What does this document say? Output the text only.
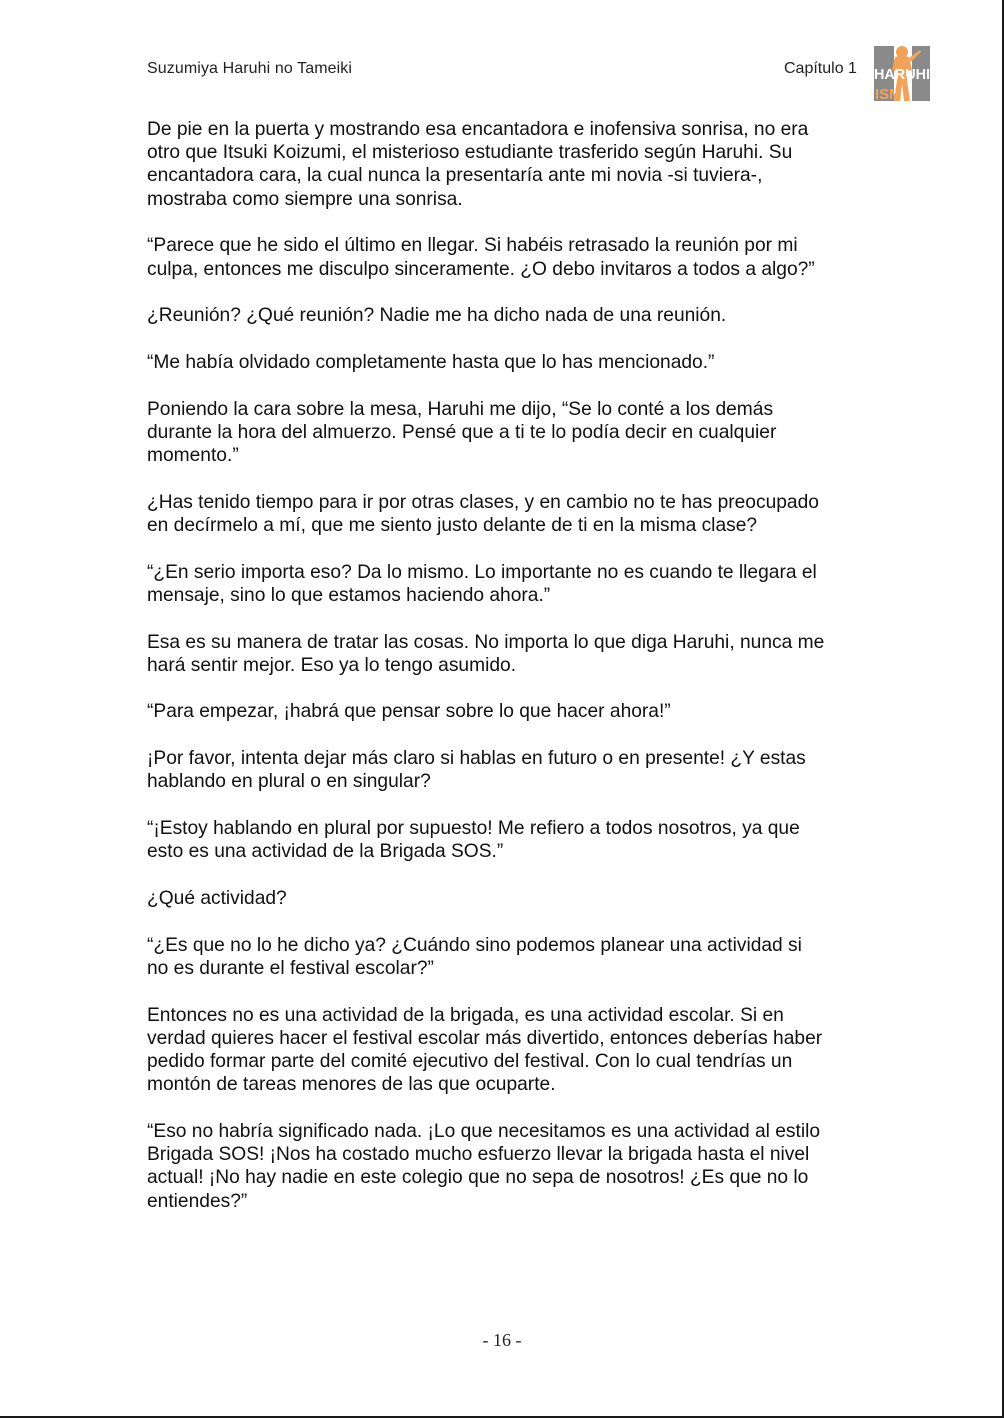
Suzumiya Haruhi no Tameiki	Capítulo 1 HARUHI
ISM

De pie en la puerta y mostrando esa encantadora e inofensiva sonrisa, no era
otro que Itsuki Koizumi, el misterioso estudiante trasferido según Haruhi. Su
encantadora cara, la cual nunca la presentaría ante mi novia -si tuviera-,
mostraba como siempre una sonrisa.

“Parece que he sido el último en llegar. Si habéis retrasado la reunión por mi
culpa, entonces me disculpo sinceramente. ¿O debo invitaros a todos a algo?”

¿Reunión? ¿Qué reunión? Nadie me ha dicho nada de una reunión.

“Me había olvidado completamente hasta que lo has mencionado.”

Poniendo la cara sobre la mesa, Haruhi me dijo, “Se lo conté a los demás
durante la hora del almuerzo. Pensé que a ti te lo podía decir en cualquier
momento.”

¿Has tenido tiempo para ir por otras clases, y en cambio no te has preocupado
en decírmelo a mí, que me siento justo delante de ti en la misma clase?

“¿En serio importa eso? Da lo mismo. Lo importante no es cuando te llegara el
mensaje, sino lo que estamos haciendo ahora.”

Esa es su manera de tratar las cosas. No importa lo que diga Haruhi, nunca me
hará sentir mejor. Eso ya lo tengo asumido.

“Para empezar, ¡habrá que pensar sobre lo que hacer ahora!”

¡Por favor, intenta dejar más claro si hablas en futuro o en presente! ¿Y estas
hablando en plural o en singular?

“¡Estoy hablando en plural por supuesto! Me refiero a todos nosotros, ya que
esto es una actividad de la Brigada SOS.”

¿Qué actividad?

“¿Es que no lo he dicho ya? ¿Cuándo sino podemos planear una actividad si
no es durante el festival escolar?”

Entonces no es una actividad de la brigada, es una actividad escolar. Si en
verdad quieres hacer el festival escolar más divertido, entonces deberías haber
pedido formar parte del comité ejecutivo del festival. Con lo cual tendrías un
montón de tareas menores de las que ocuparte.

“Eso no habría significado nada. ¡Lo que necesitamos es una actividad al estilo
Brigada SOS! ¡Nos ha costado mucho esfuerzo llevar la brigada hasta el nivel
actual! ¡No hay nadie en este colegio que no sepa de nosotros! ¿Es que no lo
entiendes?”

- 16 -
